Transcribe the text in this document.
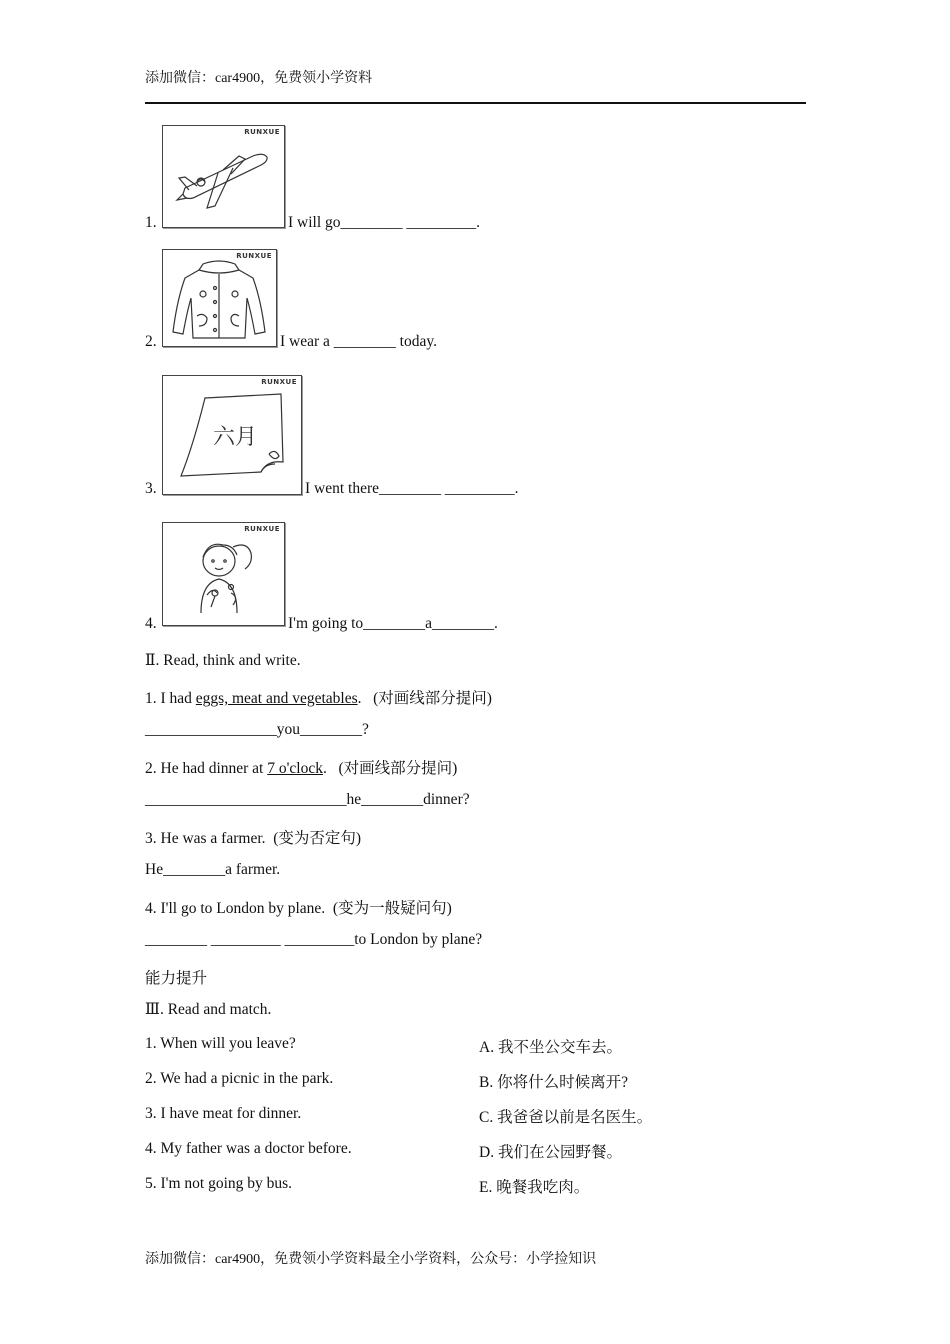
添加微信：car4900，免费领小学资料
RUNXUE
1.	I will go________ _________.
RUNXUE
2.	I wear a ________ today.
RUNXUE
六月
3.	I went there________ _________.
RUNXUE
4.	I'm going to________a________.
Ⅱ. Read, think and write.
1. I had eggs, meat and vegetables.   (对画线部分提问)
_________________you________?
2. He had dinner at 7 o'clock.   (对画线部分提问)
__________________________he________dinner?
3. He was a farmer.  (变为否定句)
He________a farmer.
4. I'll go to London by plane.  (变为一般疑问句)
________ _________ _________to London by plane?
能力提升
Ⅲ. Read and match.
1. When will you leave?	A. 我不坐公交车去。
2. We had a picnic in the park.	B. 你将什么时候离开?
3. I have meat for dinner.	C. 我爸爸以前是名医生。
4. My father was a doctor before.	D. 我们在公园野餐。
5. I'm not going by bus.	E. 晚餐我吃肉。
添加微信：car4900，免费领小学资料最全小学资料，公众号：小学捡知识
